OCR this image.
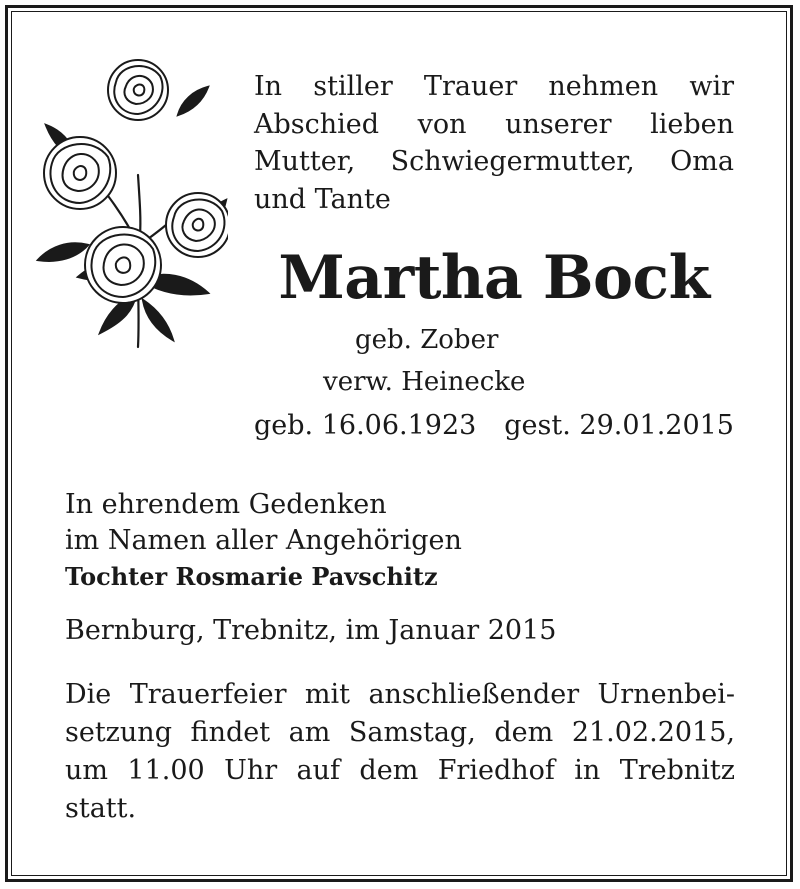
In stiller Trauer nehmen wir
Abschied von unserer lieben
Mutter, Schwiegermutter, Oma
und Tante

Martha Bock

geb. Zober

verw. Heinecke

geb. 16.06.1923 gest. 29.01.2015

In ehrendem Gedenken
im Namen aller Angehörigen
Tochter Rosmarie Pavschitz

Bernburg, Trebnitz, im Januar 2015

Die Trauerfeier mit anschließender Urnenbei-
setzung findet am Samstag, dem 21.02.2015,
um 11.00 Uhr auf dem Friedhof in Trebnitz
statt.
